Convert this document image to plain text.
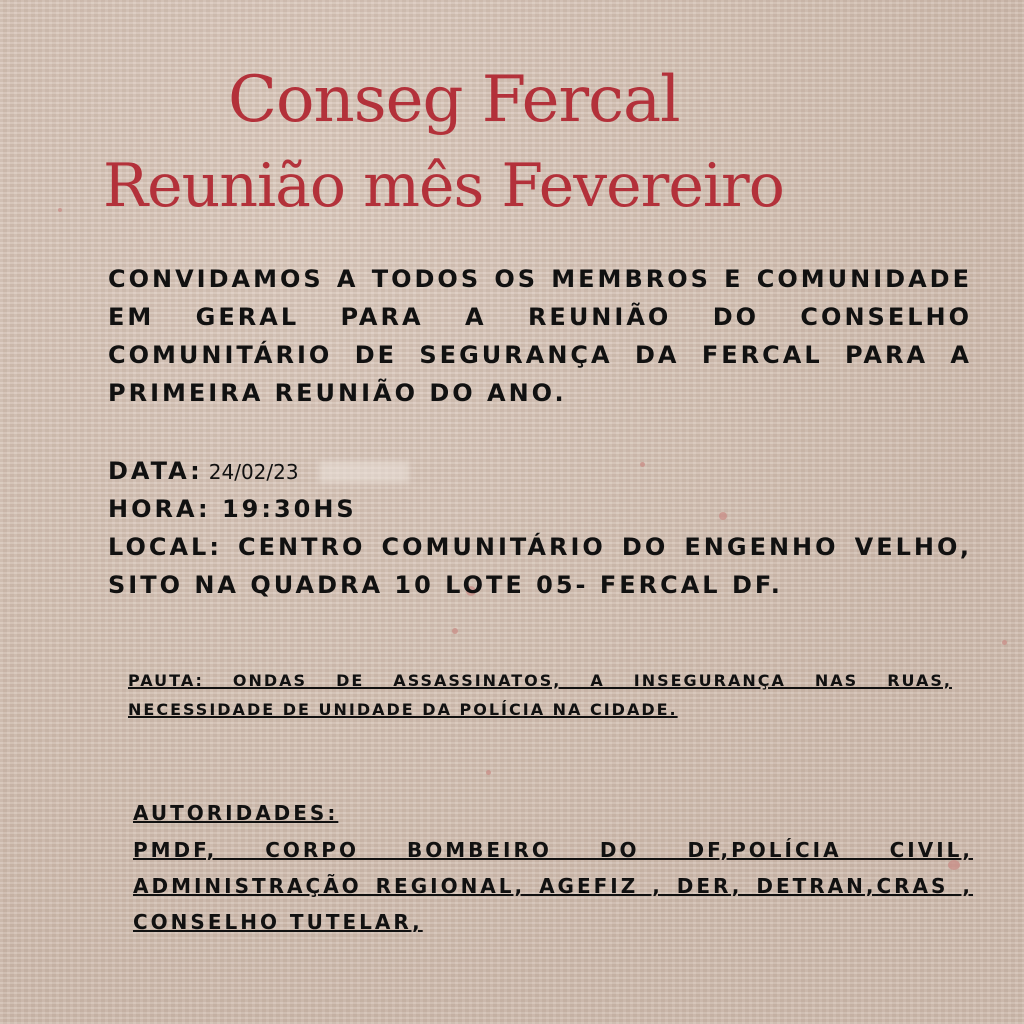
Conseg Fercal
Reunião mês Fevereiro
CONVIDAMOS A TODOS OS MEMBROS E COMUNIDADE EM GERAL PARA A REUNIÃO DO CONSELHO COMUNITÁRIO DE SEGURANÇA DA FERCAL PARA A PRIMEIRA REUNIÃO DO ANO.
DATA: 24/02/23
HORA: 19:30HS
LOCAL: CENTRO COMUNITÁRIO DO ENGENHO VELHO, SITO NA QUADRA 10 LOTE 05- FERCAL DF.
PAUTA: ONDAS DE ASSASSINATOS, A INSEGURANÇA NAS RUAS, NECESSIDADE DE UNIDADE DA POLÍCIA NA CIDADE.
AUTORIDADES:
PMDF, CORPO BOMBEIRO DO DF,POLÍCIA CIVIL, ADMINISTRAÇÃO REGIONAL, AGEFIZ , DER, DETRAN,CRAS , CONSELHO TUTELAR,
